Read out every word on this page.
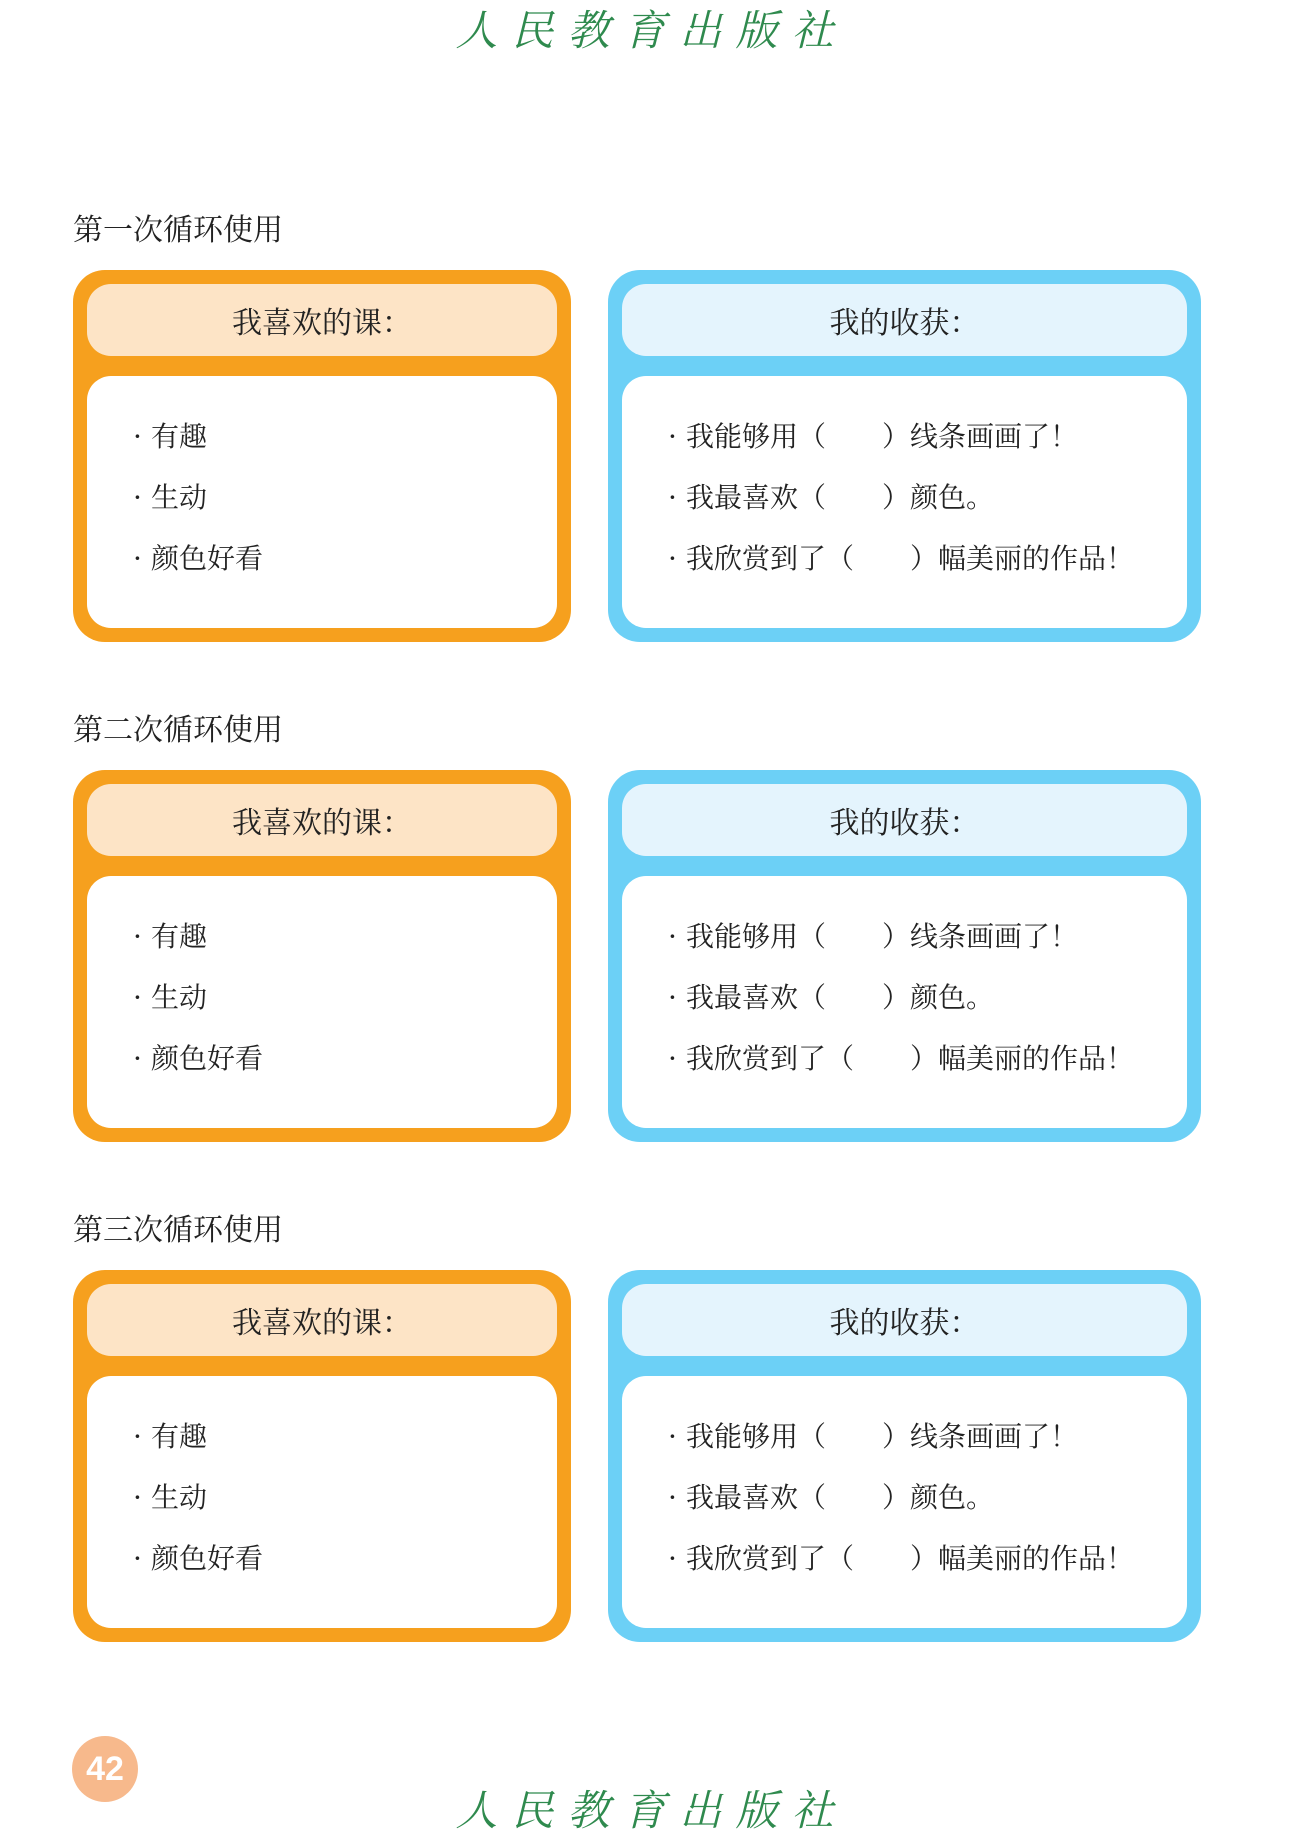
人民教育出版社
第一次循环使用
我喜欢的课：
· 有趣
· 生动
· 颜色好看
我的收获：
· 我能够用（　　）线条画画了！
· 我最喜欢（　　）颜色。
· 我欣赏到了（　　）幅美丽的作品！
第二次循环使用
我喜欢的课：
· 有趣
· 生动
· 颜色好看
我的收获：
· 我能够用（　　）线条画画了！
· 我最喜欢（　　）颜色。
· 我欣赏到了（　　）幅美丽的作品！
第三次循环使用
我喜欢的课：
· 有趣
· 生动
· 颜色好看
我的收获：
· 我能够用（　　）线条画画了！
· 我最喜欢（　　）颜色。
· 我欣赏到了（　　）幅美丽的作品！
42
人民教育出版社
